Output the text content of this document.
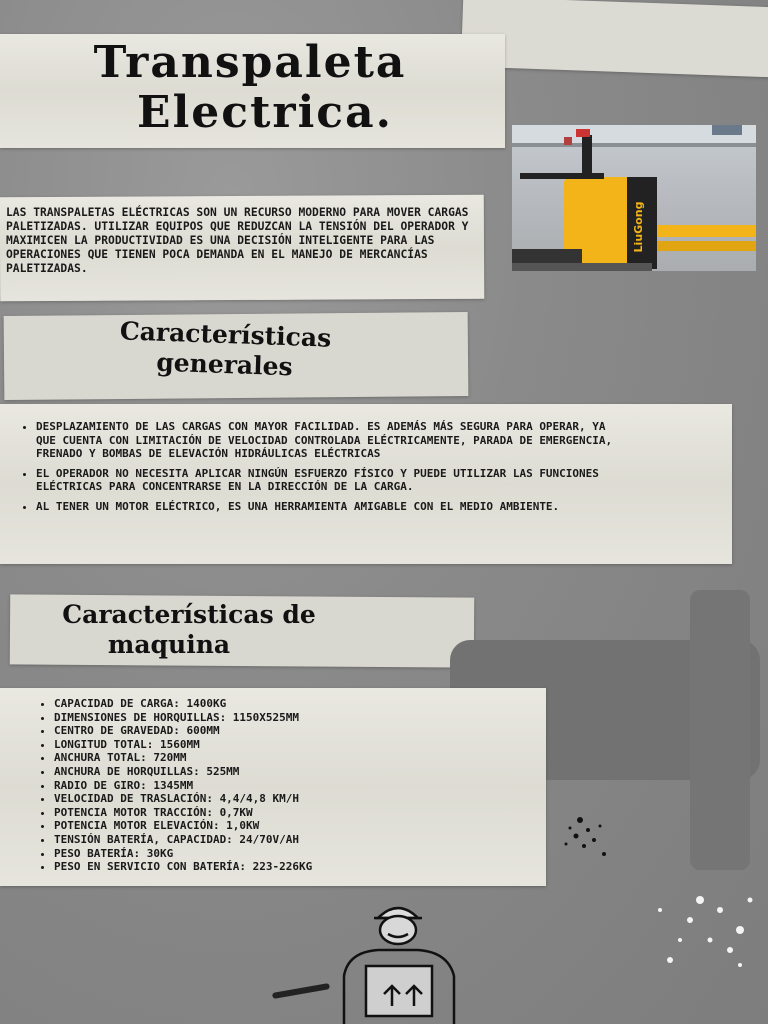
Transpaleta
Electrica.
LiuGong
LAS TRANSPALETAS ELÉCTRICAS SON UN RECURSO MODERNO PARA MOVER CARGAS PALETIZADAS. UTILIZAR EQUIPOS QUE REDUZCAN LA TENSIÓN DEL OPERADOR Y MAXIMICEN LA PRODUCTIVIDAD ES UNA DECISIÓN INTELIGENTE PARA LAS OPERACIONES QUE TIENEN POCA DEMANDA EN EL MANEJO DE MERCANCÍAS PALETIZADAS.
Características
generales
• DESPLAZAMIENTO DE LAS CARGAS CON MAYOR FACILIDAD. ES ADEMÁS MÁS SEGURA PARA OPERAR, YA QUE CUENTA CON LIMITACIÓN DE VELOCIDAD CONTROLADA ELÉCTRICAMENTE, PARADA DE EMERGENCIA, FRENADO Y BOMBAS DE ELEVACIÓN HIDRÁULICAS ELÉCTRICAS
• EL OPERADOR NO NECESITA APLICAR NINGÚN ESFUERZO FÍSICO Y PUEDE UTILIZAR LAS FUNCIONES ELÉCTRICAS PARA CONCENTRARSE EN LA DIRECCIÓN DE LA CARGA.
• AL TENER UN MOTOR ELÉCTRICO, ES UNA HERRAMIENTA AMIGABLE CON EL MEDIO AMBIENTE.
Características de
maquina
• CAPACIDAD DE CARGA: 1400KG
• DIMENSIONES DE HORQUILLAS: 1150X525MM
• CENTRO DE GRAVEDAD: 600MM
• LONGITUD TOTAL: 1560MM
• ANCHURA TOTAL: 720MM
• ANCHURA DE HORQUILLAS: 525MM
• RADIO DE GIRO: 1345MM
• VELOCIDAD DE TRASLACIÓN: 4,4/4,8 KM/H
• POTENCIA MOTOR TRACCIÓN: 0,7KW
• POTENCIA MOTOR ELEVACIÓN: 1,0KW
• TENSIÓN BATERÍA, CAPACIDAD: 24/70V/AH
• PESO BATERÍA: 30KG
• PESO EN SERVICIO CON BATERÍA: 223-226KG
